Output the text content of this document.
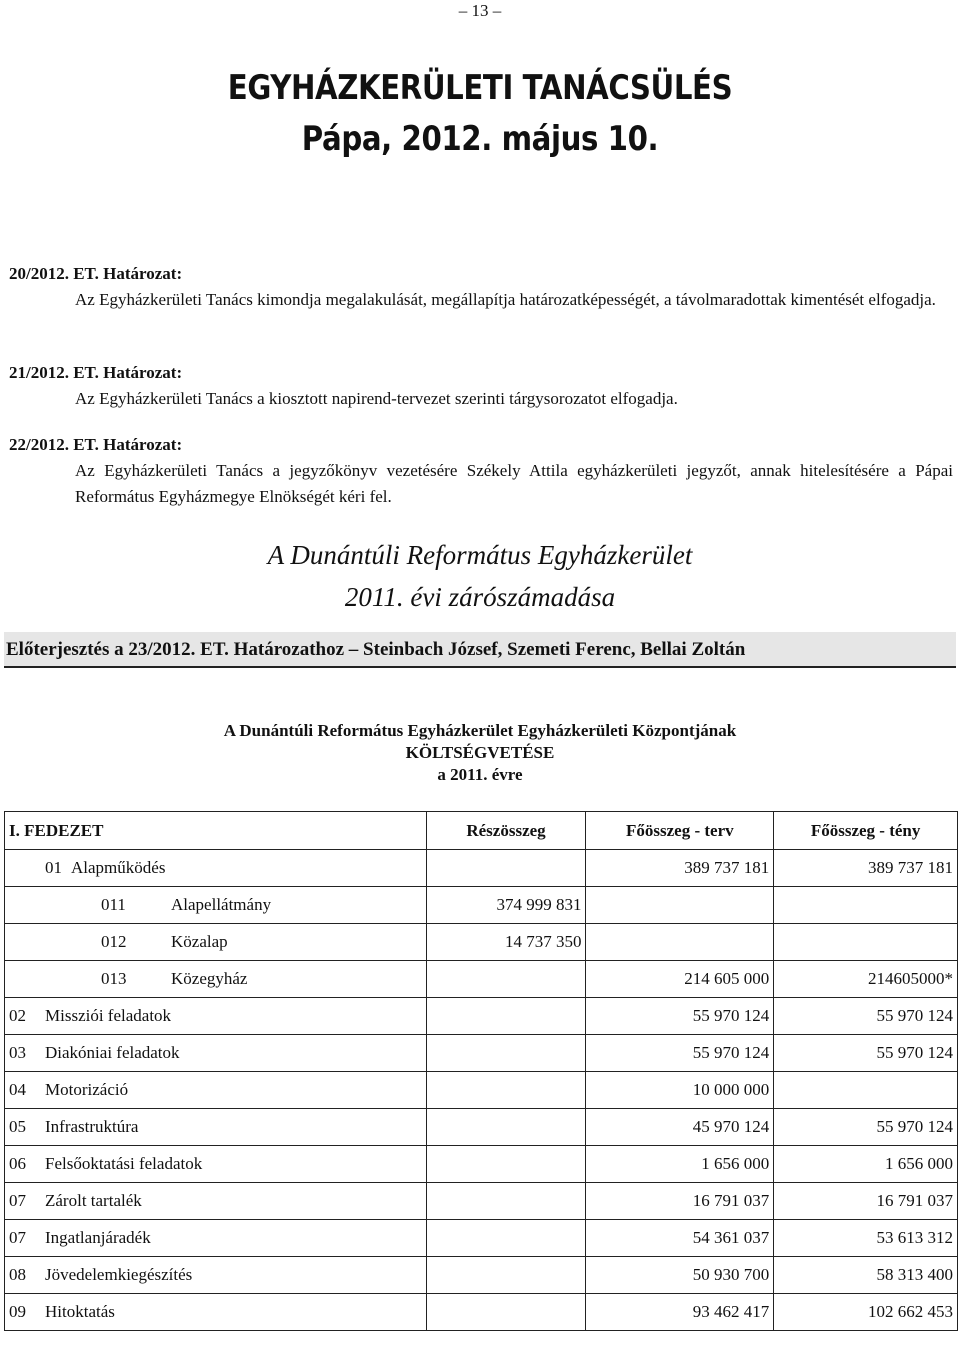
– 13 –
EGYHÁZKERÜLETI TANÁCSÜLÉS
Pápa, 2012. május 10.
20/2012. ET. Határozat:
Az Egyházkerületi Tanács kimondja megalakulását, megállapítja határozatképességét, a távolmaradottak kimentését elfogadja.
21/2012. ET. Határozat:
Az Egyházkerületi Tanács a kiosztott napirend-tervezet szerinti tárgysorozatot elfogadja.
22/2012. ET. Határozat:
Az Egyházkerületi Tanács a jegyzőkönyv vezetésére Székely Attila egyházkerületi jegyzőt, annak hitelesítésére a Pápai Református Egyházmegye Elnökségét kéri fel.
A Dunántúli Református Egyházkerület
2011. évi zárószámadása
Előterjesztés a 23/2012. ET. Határozathoz – Steinbach József, Szemeti Ferenc, Bellai Zoltán
A Dunántúli Református Egyházkerület Egyházkerületi Központjának
KÖLTSÉGVETÉSE
a 2011. évre
I. FEDEZET	Részösszeg	Főösszeg - terv	Főösszeg - tény
01 Alapműködés		389 737 181	389 737 181
011 Alapellátmány	374 999 831		
012 Közalap	14 737 350		
013 Közegyház		214 605 000	214605000*
02 Missziói feladatok		55 970 124	55 970 124
03 Diakóniai feladatok		55 970 124	55 970 124
04 Motorizáció		10 000 000	
05 Infrastruktúra		45 970 124	55 970 124
06 Felsőoktatási feladatok		1 656 000	1 656 000
07 Zárolt tartalék		16 791 037	16 791 037
07 Ingatlanjáradék		54 361 037	53 613 312
08 Jövedelemkiegészítés		50 930 700	58 313 400
09 Hitoktatás		93 462 417	102 662 453
